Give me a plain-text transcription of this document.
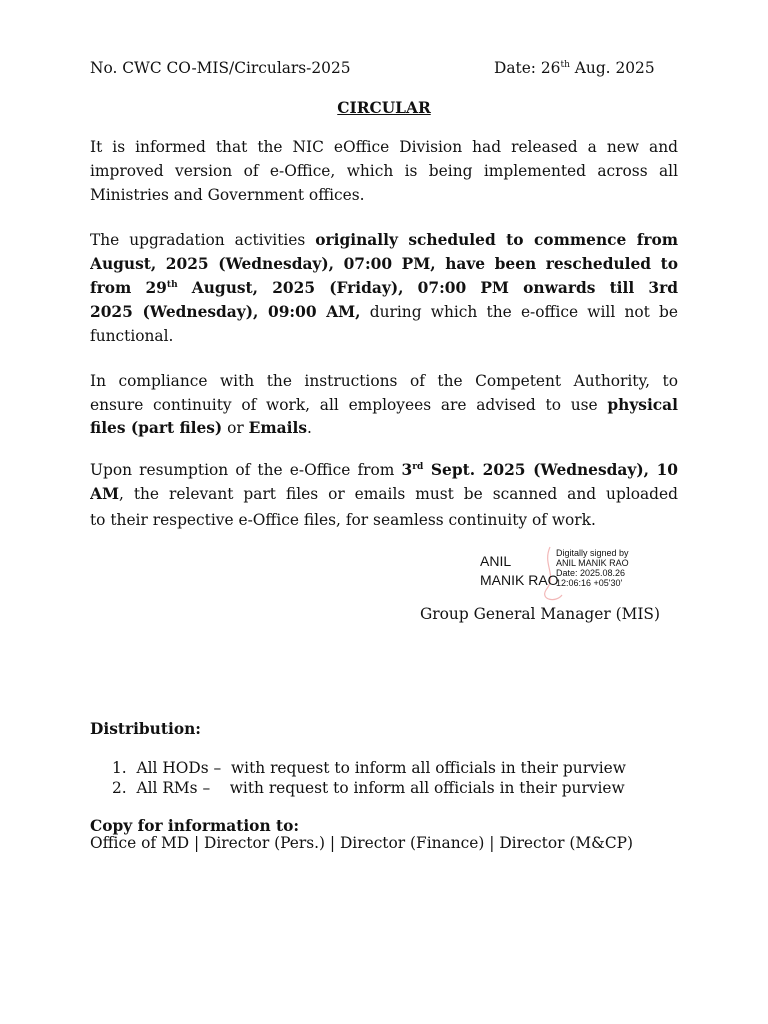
No. CWC CO-MIS/Circulars-2025	Date: 26th Aug. 2025
CIRCULAR
It is informed that the NIC eOffice Division had released a new and
improved version of e-Office, which is being implemented across all
Ministries and Government offices.
The upgradation activities originally scheduled to commence from
August, 2025 (Wednesday), 07:00 PM, have been rescheduled to
from 29th August, 2025 (Friday), 07:00 PM onwards till 3rd
2025 (Wednesday), 09:00 AM, during which the e-office will not be
functional.
In compliance with the instructions of the Competent Authority, to
ensure continuity of work, all employees are advised to use physical
files (part files) or Emails.
Upon resumption of the e-Office from 3rd Sept. 2025 (Wednesday), 10
AM, the relevant part files or emails must be scanned and uploaded
to their respective e-Office files, for seamless continuity of work.
ANIL
MANIK RAO
Digitally signed by
ANIL MANIK RAO
Date: 2025.08.26
12:06:16 +05'30'
Group General Manager (MIS)
Distribution:
1. All HODs –  with request to inform all officials in their purview
2. All RMs –    with request to inform all officials in their purview
Copy for information to:
Office of MD | Director (Pers.) | Director (Finance) | Director (M&CP)
